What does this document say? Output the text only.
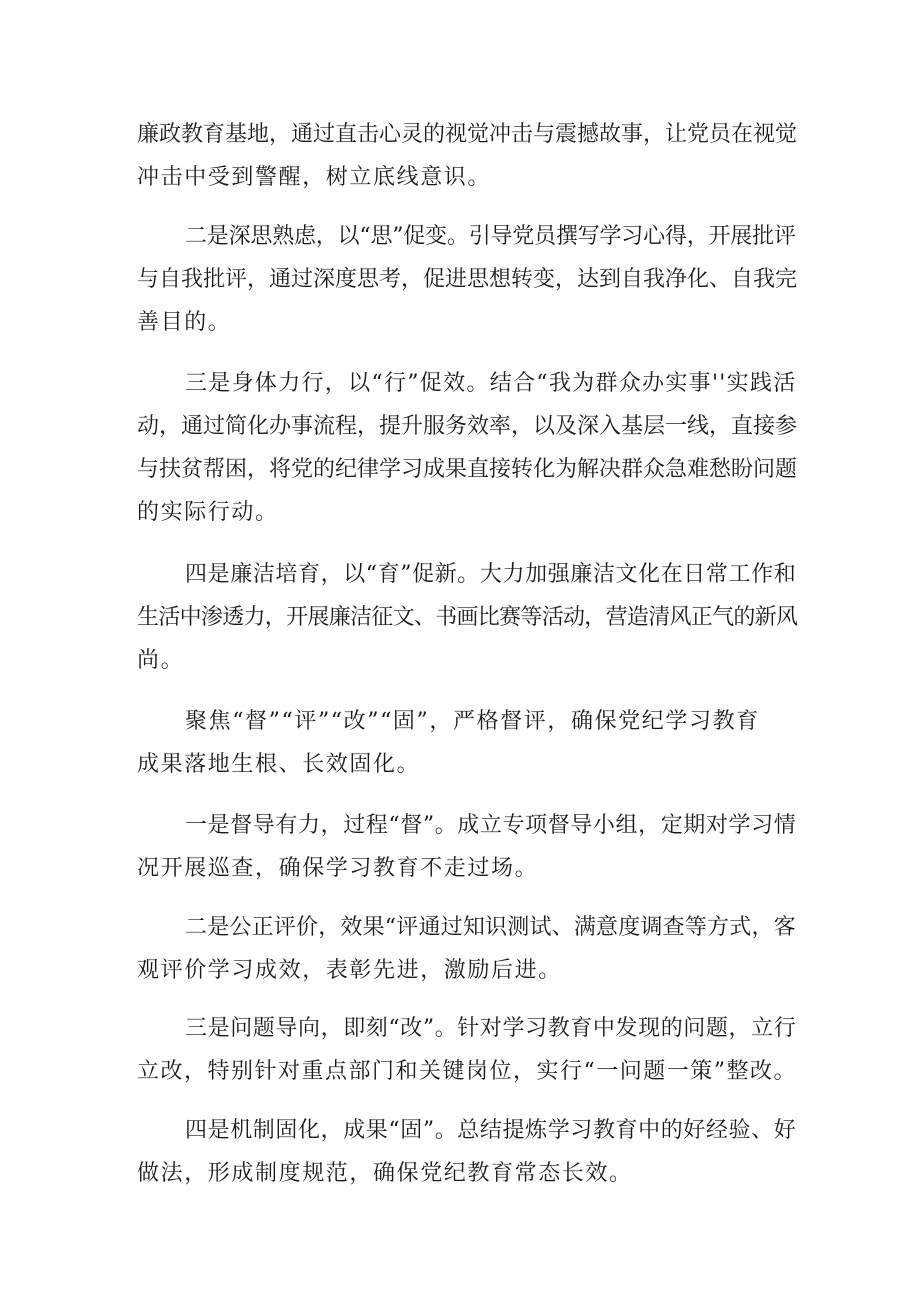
廉政教育基地，通过直击心灵的视觉冲击与震撼故事，让党员在视觉
冲击中受到警醒，树立底线意识。

二是深思熟虑，以“思”促变。引导党员撰写学习心得，开展批评
与自我批评，通过深度思考，促进思想转变，达到自我净化、自我完
善目的。

三是身体力行，以“行”促效。结合“我为群众办实事''实践活
动，通过简化办事流程，提升服务效率，以及深入基层一线，直接参
与扶贫帮困，将党的纪律学习成果直接转化为解决群众急难愁盼问题
的实际行动。

四是廉洁培育，以“育”促新。大力加强廉洁文化在日常工作和
生活中渗透力，开展廉洁征文、书画比赛等活动，营造清风正气的新风
尚。

聚焦“督”“评”“改”“固”，严格督评，确保党纪学习教育
成果落地生根、长效固化。

一是督导有力，过程“督”。成立专项督导小组，定期对学习情
况开展巡查，确保学习教育不走过场。

二是公正评价，效果“评通过知识测试、满意度调查等方式，客
观评价学习成效，表彰先进，激励后进。

三是问题导向，即刻“改”。针对学习教育中发现的问题，立行
立改，特别针对重点部门和关键岗位，实行“一问题一策”整改。

四是机制固化，成果“固”。总结提炼学习教育中的好经验、好
做法，形成制度规范，确保党纪教育常态长效。
